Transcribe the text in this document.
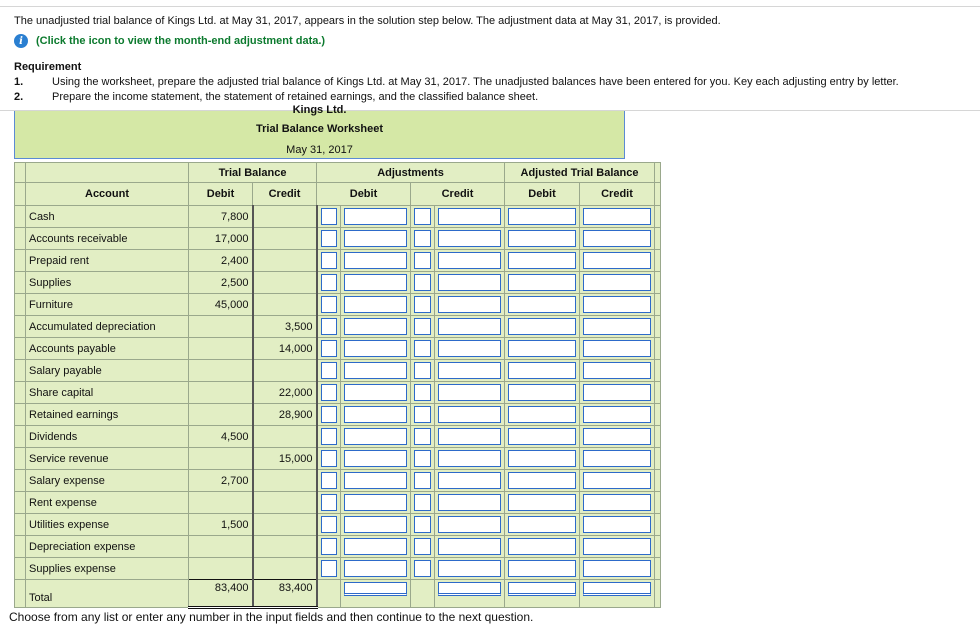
The unadjusted trial balance of Kings Ltd. at May 31, 2017, appears in the solution step below. The adjustment data at May 31, 2017, is provided.
i	(Click the icon to view the month-end adjustment data.)
Requirement
1.	Using the worksheet, prepare the adjusted trial balance of Kings Ltd. at May 31, 2017. The unadjusted balances have been entered for you. Key each adjusting entry by letter.
2.	Prepare the income statement, the statement of retained earnings, and the classified balance sheet.
Kings Ltd.
Trial Balance Worksheet
May 31, 2017
		Trial Balance		Adjustments				Adjusted Trial Balance		
	Account	Debit	Credit	Debit		Credit		Debit	Credit	
	Cash	7,800		

	Accounts receivable	17,000		

	Prepaid rent	2,400		

	Supplies	2,500		

	Furniture	45,000		

	Accumulated depreciation		3,500	

	Accounts payable		14,000	

	Salary payable			

	Share capital		22,000	

	Retained earnings		28,900	

	Dividends	4,500		

	Service revenue		15,000	

	Salary expense	2,700		

	Rent expense			

	Utilities expense	1,500		

	Depreciation expense			

	Supplies expense			

	Total	83,400	83,400		

Choose from any list or enter any number in the input fields and then continue to the next question.
